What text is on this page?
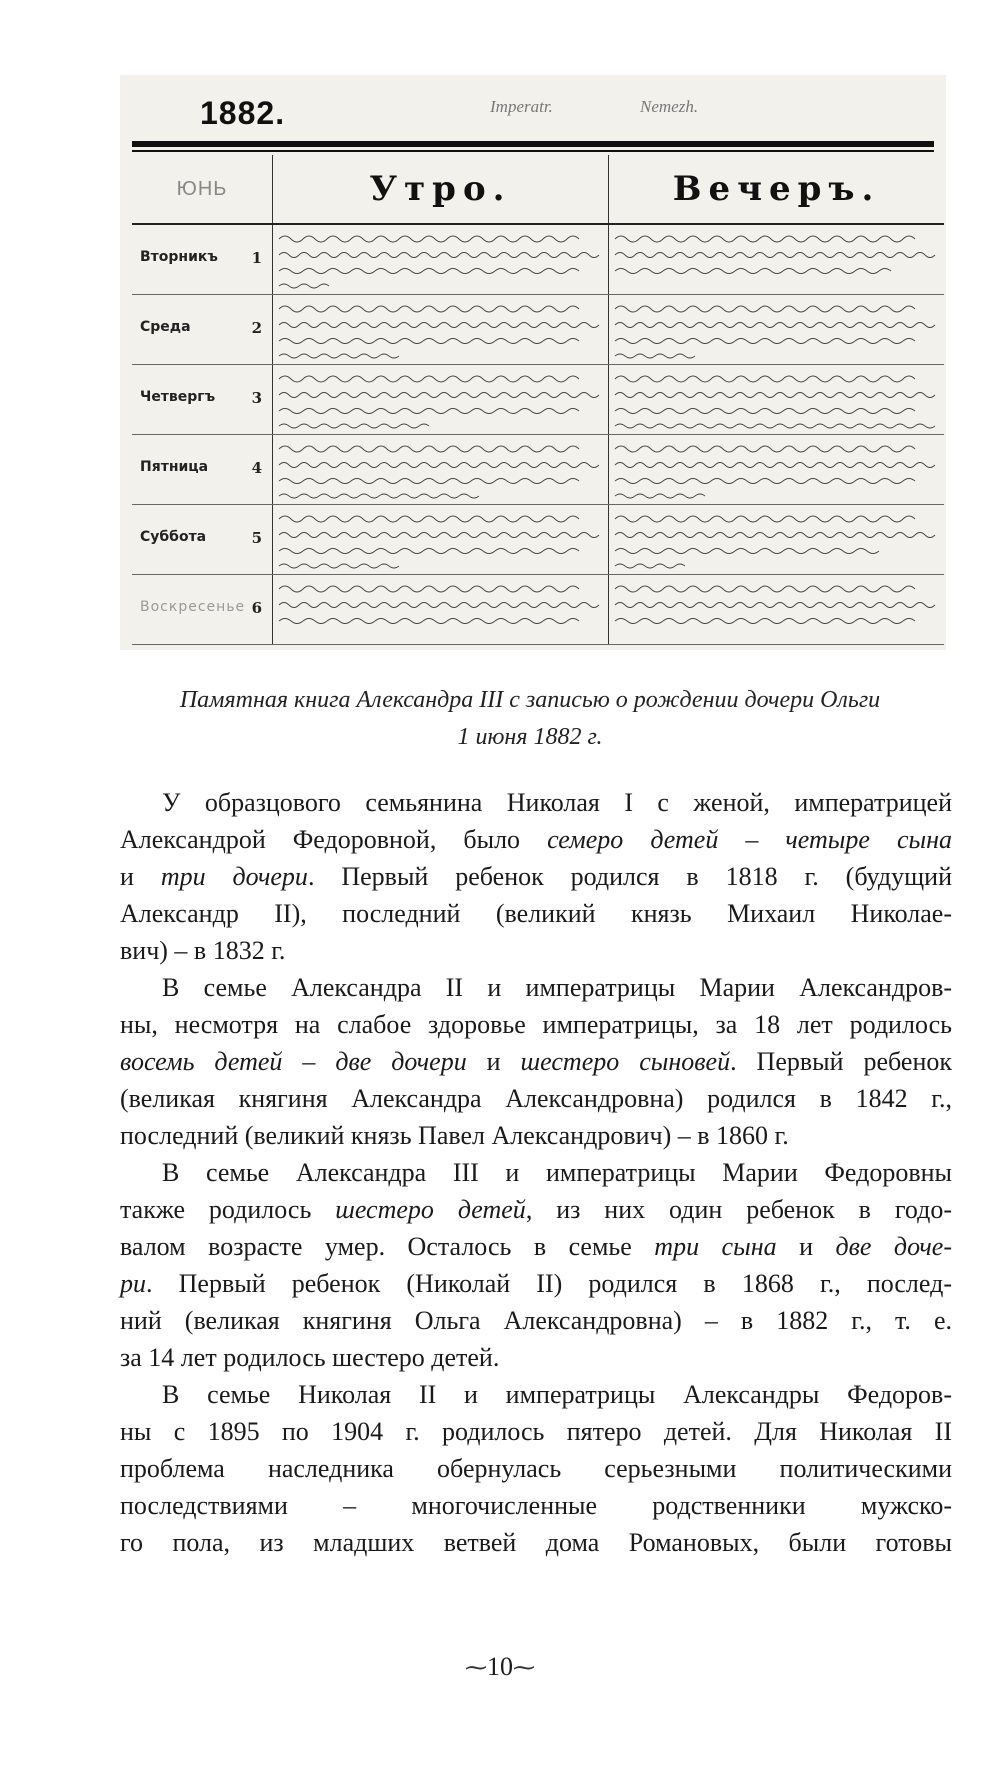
1882.	Imperatr.	Nemezh.
ЮНЬ	Утро.	Вечеръ.

Вторникъ 1

Среда 2

Четвергъ 3

Пятница 4

Суббота 5

Воскресенье 6

Памятная книга Александра III с записью о рождении дочери Ольги
1 июня 1882 г.
У образцового семьянина Николая I с женой, императрицей
Александрой Федоровной, было семеро детей – четыре сына
и три дочери. Первый ребенок родился в 1818 г. (будущий
Александр II), последний (великий князь Михаил Николае-
вич) – в 1832 г.
В семье Александра II и императрицы Марии Александров-
ны, несмотря на слабое здоровье императрицы, за 18 лет родилось
восемь детей – две дочери и шестеро сыновей. Первый ребенок
(великая княгиня Александра Александровна) родился в 1842 г.,
последний (великий князь Павел Александрович) – в 1860 г.
В семье Александра III и императрицы Марии Федоровны
также родилось шестеро детей, из них один ребенок в годо-
валом возрасте умер. Осталось в семье три сына и две доче-
ри. Первый ребенок (Николай II) родился в 1868 г., послед-
ний (великая княгиня Ольга Александровна) – в 1882 г., т. е.
за 14 лет родилось шестеро детей.
В семье Николая II и императрицы Александры Федоров-
ны с 1895 по 1904 г. родилось пятеро детей. Для Николая II
проблема наследника обернулась серьезными политическими
последствиями – многочисленные родственники мужско-
го пола, из младших ветвей дома Романовых, были готовы
⁓10⁓
